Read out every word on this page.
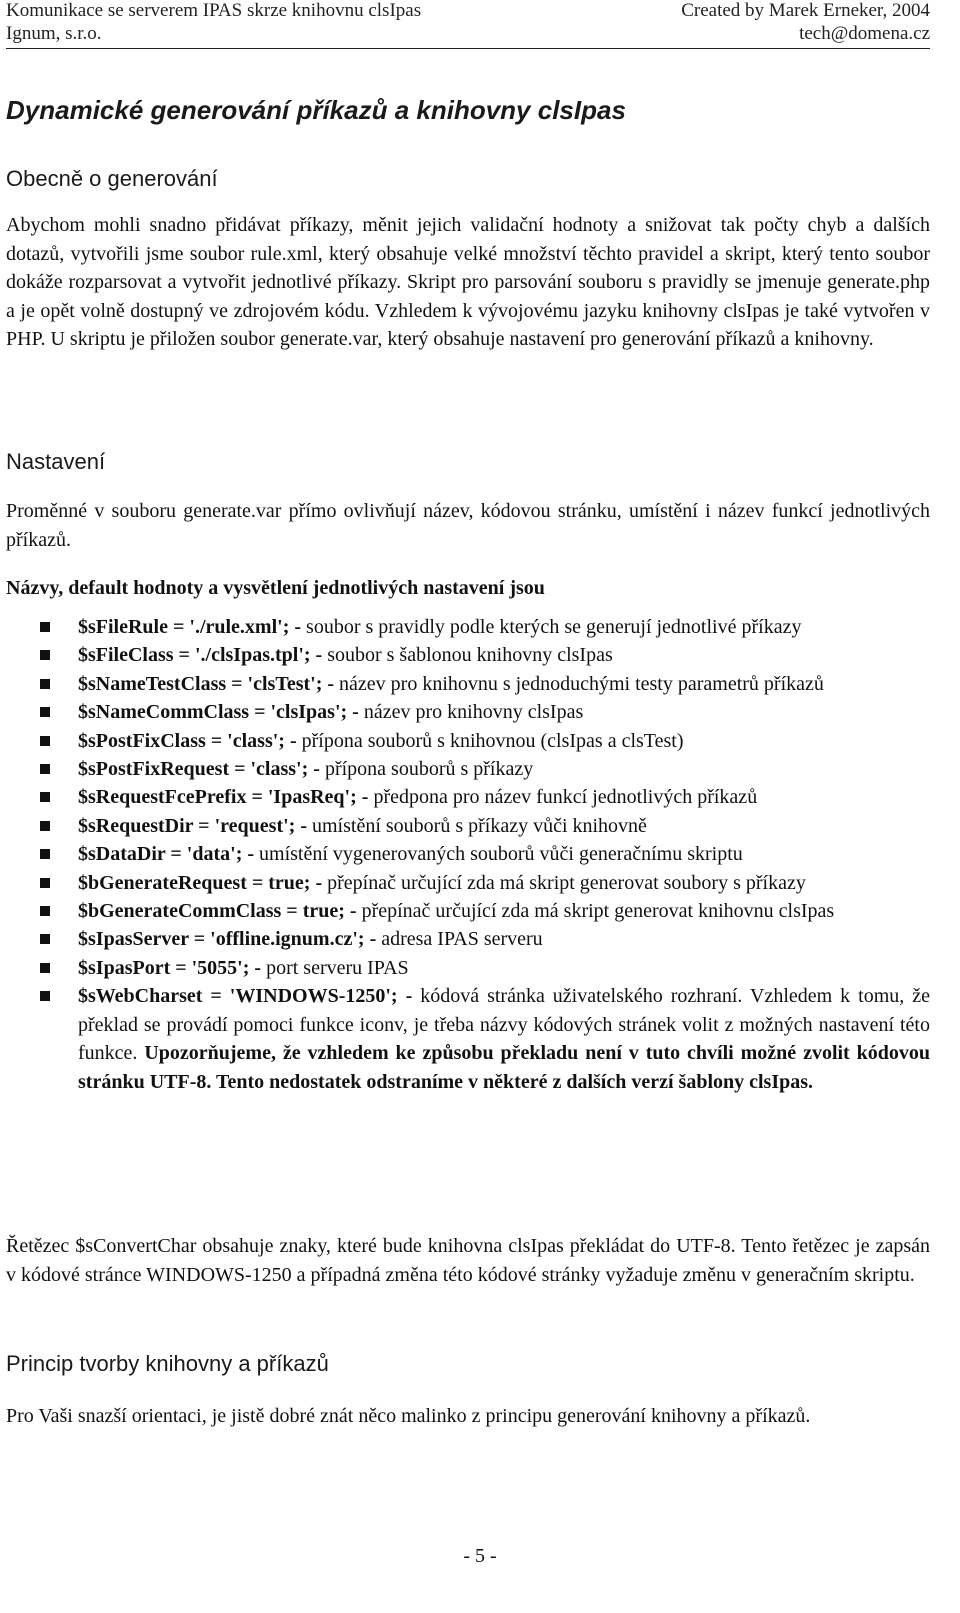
Komunikace se serverem IPAS skrze knihovnu clsIpas
Ignum, s.r.o.
Created by Marek Erneker, 2004
tech@domena.cz
Dynamické generování příkazů a knihovny clsIpas
Obecně o generování

Abychom mohli snadno přidávat příkazy, měnit jejich validační hodnoty a snižovat tak počty chyb a dalších dotazů, vytvořili jsme soubor rule.xml, který obsahuje velké množství těchto pravidel a skript, který tento soubor dokáže rozparsovat a vytvořit jednotlivé příkazy. Skript pro parsování souboru s pravidly se jmenuje generate.php a je opět volně dostupný ve zdrojovém kódu. Vzhledem k vývojovému jazyku knihovny clsIpas je také vytvořen v PHP. U skriptu je přiložen soubor generate.var, který obsahuje nastavení pro generování příkazů a knihovny.

Nastavení

Proměnné v souboru generate.var přímo ovlivňují název, kódovou stránku, umístění i název funkcí jednotlivých příkazů.

Názvy, default hodnoty a vysvětlení jednotlivých nastavení jsou

$sFileRule = './rule.xml'; - soubor s pravidly podle kterých se generují jednotlivé příkazy
$sFileClass = './clsIpas.tpl'; - soubor s šablonou knihovny clsIpas
$sNameTestClass = 'clsTest'; - název pro knihovnu s jednoduchými testy parametrů příkazů
$sNameCommClass = 'clsIpas'; - název pro knihovny clsIpas
$sPostFixClass = 'class'; - přípona souborů s knihovnou (clsIpas a clsTest)
$sPostFixRequest = 'class'; - přípona souborů s příkazy
$sRequestFcePrefix = 'IpasReq'; - předpona pro název funkcí jednotlivých příkazů
$sRequestDir = 'request'; - umístění souborů s příkazy vůči knihovně
$sDataDir = 'data'; - umístění vygenerovaných souborů vůči generačnímu skriptu
$bGenerateRequest = true; - přepínač určující zda má skript generovat soubory s příkazy
$bGenerateCommClass = true; - přepínač určující zda má skript generovat knihovnu clsIpas
$sIpasServer = 'offline.ignum.cz'; - adresa IPAS serveru
$sIpasPort = '5055'; - port serveru IPAS
$sWebCharset = 'WINDOWS-1250'; - kódová stránka uživatelského rozhraní. Vzhledem k tomu, že překlad se provádí pomoci funkce iconv, je třeba názvy kódových stránek volit z možných nastavení této funkce. Upozorňujeme, že vzhledem ke způsobu překladu není v tuto chvíli možné zvolit kódovou stránku UTF-8. Tento nedostatek odstraníme v některé z dalších verzí šablony clsIpas.

Řetězec $sConvertChar obsahuje znaky, které bude knihovna clsIpas překládat do UTF-8. Tento řetězec je zapsán v kódové stránce WINDOWS-1250 a případná změna této kódové stránky vyžaduje změnu v generačním skriptu.

Princip tvorby knihovny a příkazů

Pro Vaši snazší orientaci, je jistě dobré znát něco malinko z principu generování knihovny a příkazů.

- 5 -
